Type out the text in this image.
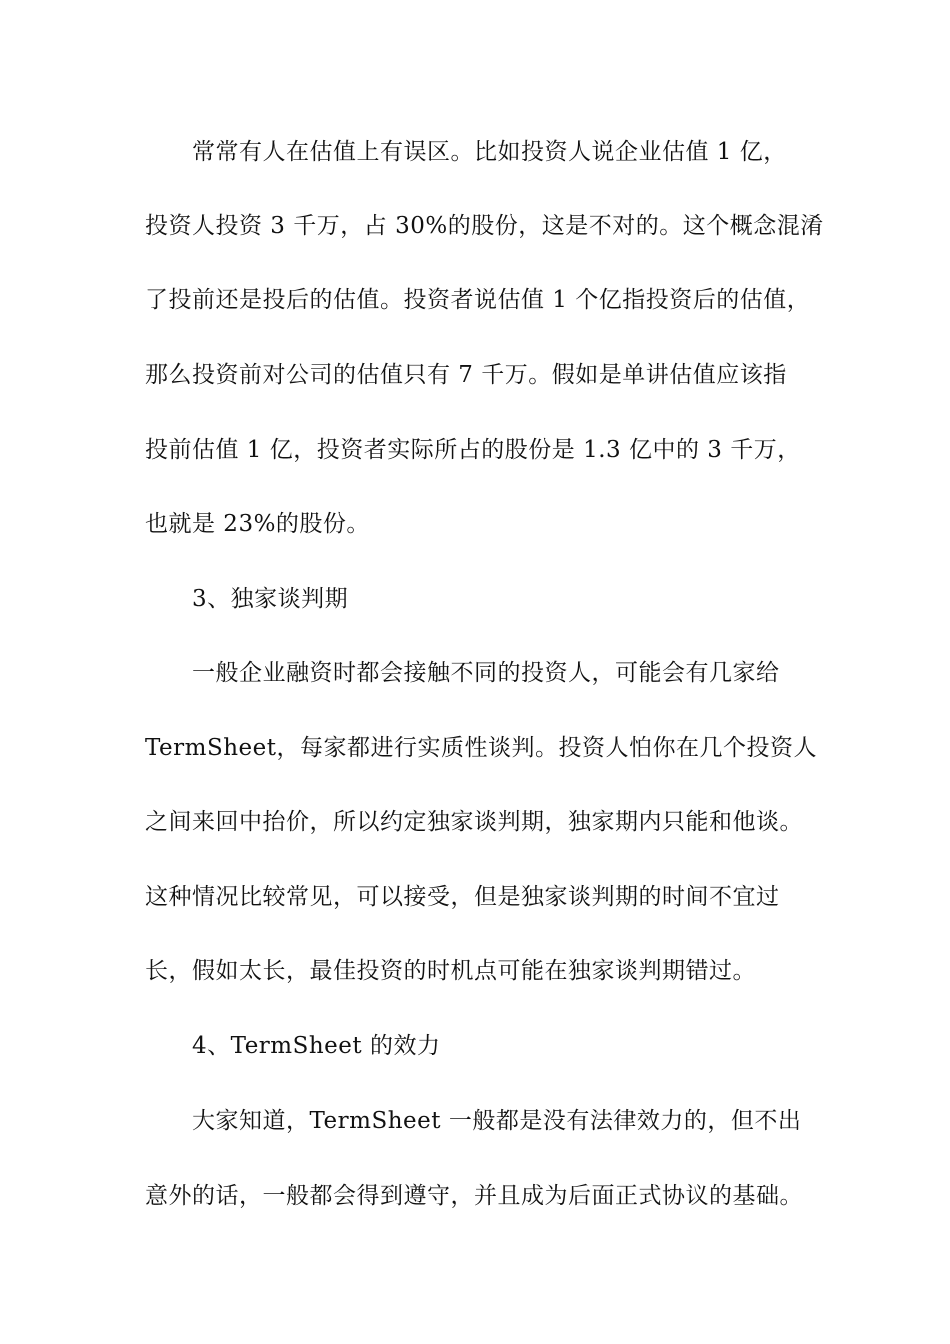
常常有人在估值上有误区。比如投资人说企业估值 1 亿，
投资人投资 3 千万，占 30%的股份，这是不对的。这个概念混淆
了投前还是投后的估值。投资者说估值 1 个亿指投资后的估值，
那么投资前对公司的估值只有 7 千万。假如是单讲估值应该指
投前估值 1 亿，投资者实际所占的股份是 1.3 亿中的 3 千万，
也就是 23%的股份。
3、独家谈判期
一般企业融资时都会接触不同的投资人，可能会有几家给
TermSheet，每家都进行实质性谈判。投资人怕你在几个投资人
之间来回中抬价，所以约定独家谈判期，独家期内只能和他谈。
这种情况比较常见，可以接受，但是独家谈判期的时间不宜过
长，假如太长，最佳投资的时机点可能在独家谈判期错过。
4、TermSheet 的效力
大家知道，TermSheet 一般都是没有法律效力的，但不出
意外的话，一般都会得到遵守，并且成为后面正式协议的基础。
